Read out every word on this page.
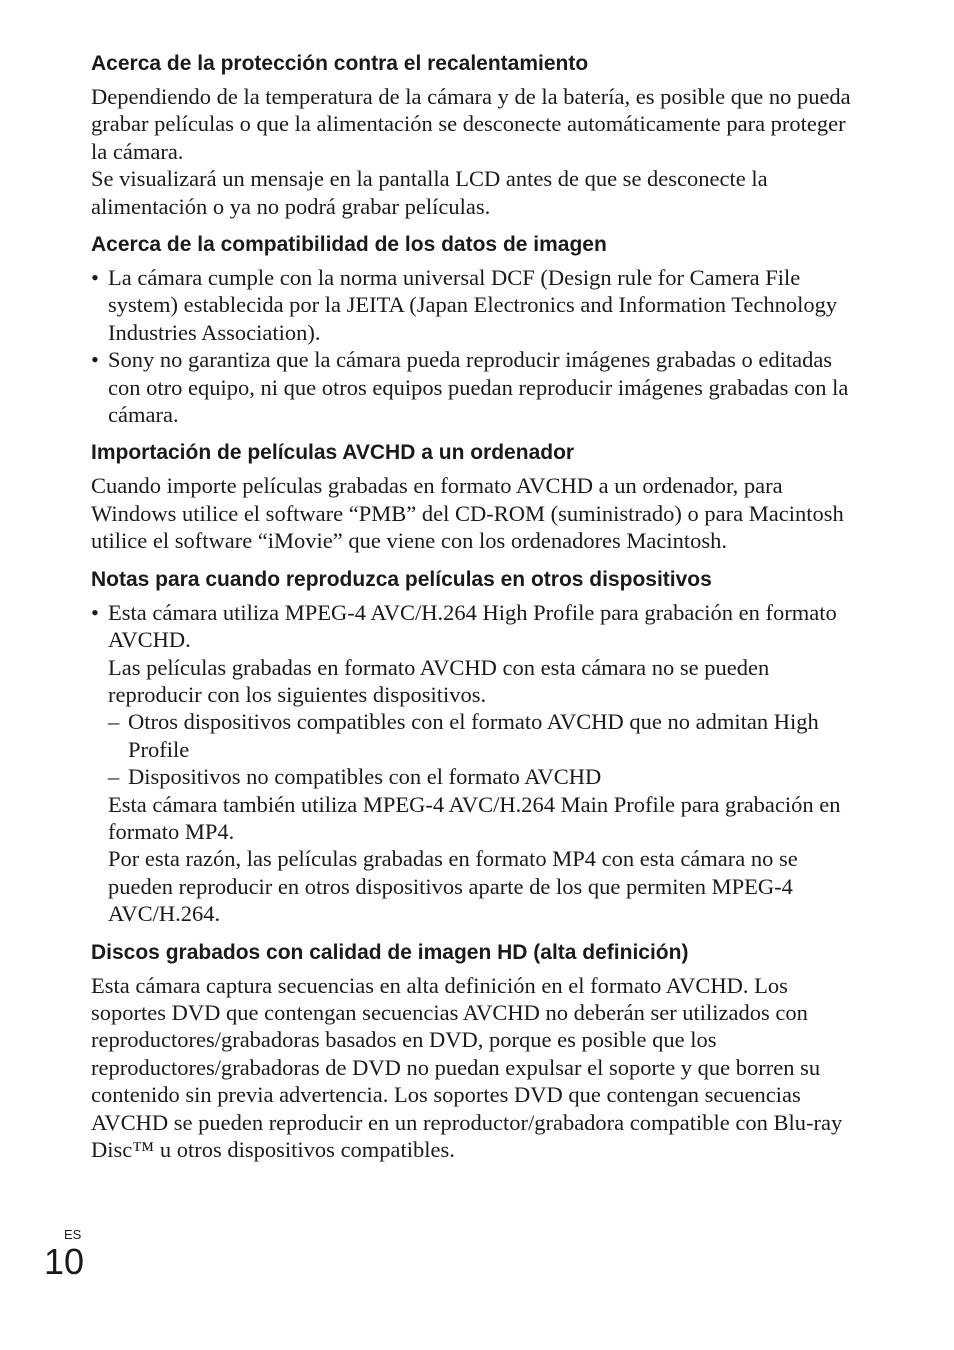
Acerca de la protección contra el recalentamiento

Dependiendo de la temperatura de la cámara y de la batería, es posible que no pueda grabar películas o que la alimentación se desconecte automáticamente para proteger la cámara.

Se visualizará un mensaje en la pantalla LCD antes de que se desconecte la alimentación o ya no podrá grabar películas.

Acerca de la compatibilidad de los datos de imagen
• La cámara cumple con la norma universal DCF (Design rule for Camera File system) establecida por la JEITA (Japan Electronics and Information Technology Industries Association).
• Sony no garantiza que la cámara pueda reproducir imágenes grabadas o editadas con otro equipo, ni que otros equipos puedan reproducir imágenes grabadas con la cámara.
Importación de películas AVCHD a un ordenador

Cuando importe películas grabadas en formato AVCHD a un ordenador, para Windows utilice el software “PMB” del CD-ROM (suministrado) o para Macintosh utilice el software “iMovie” que viene con los ordenadores Macintosh.

Notas para cuando reproduzca películas en otros dispositivos
• Esta cámara utiliza MPEG-4 AVC/H.264 High Profile para grabación en formato AVCHD.
Las películas grabadas en formato AVCHD con esta cámara no se pueden reproducir con los siguientes dispositivos.
– Otros dispositivos compatibles con el formato AVCHD que no admitan High Profile
– Dispositivos no compatibles con el formato AVCHD
Esta cámara también utiliza MPEG-4 AVC/H.264 Main Profile para grabación en formato MP4.
Por esta razón, las películas grabadas en formato MP4 con esta cámara no se pueden reproducir en otros dispositivos aparte de los que permiten MPEG-4 AVC/H.264.
Discos grabados con calidad de imagen HD (alta definición)

Esta cámara captura secuencias en alta definición en el formato AVCHD. Los soportes DVD que contengan secuencias AVCHD no deberán ser utilizados con reproductores/grabadoras basados en DVD, porque es posible que los reproductores/grabadoras de DVD no puedan expulsar el soporte y que borren su contenido sin previa advertencia. Los soportes DVD que contengan secuencias AVCHD se pueden reproducir en un reproductor/grabadora compatible con Blu-ray Disc™ u otros dispositivos compatibles.

ES
10
